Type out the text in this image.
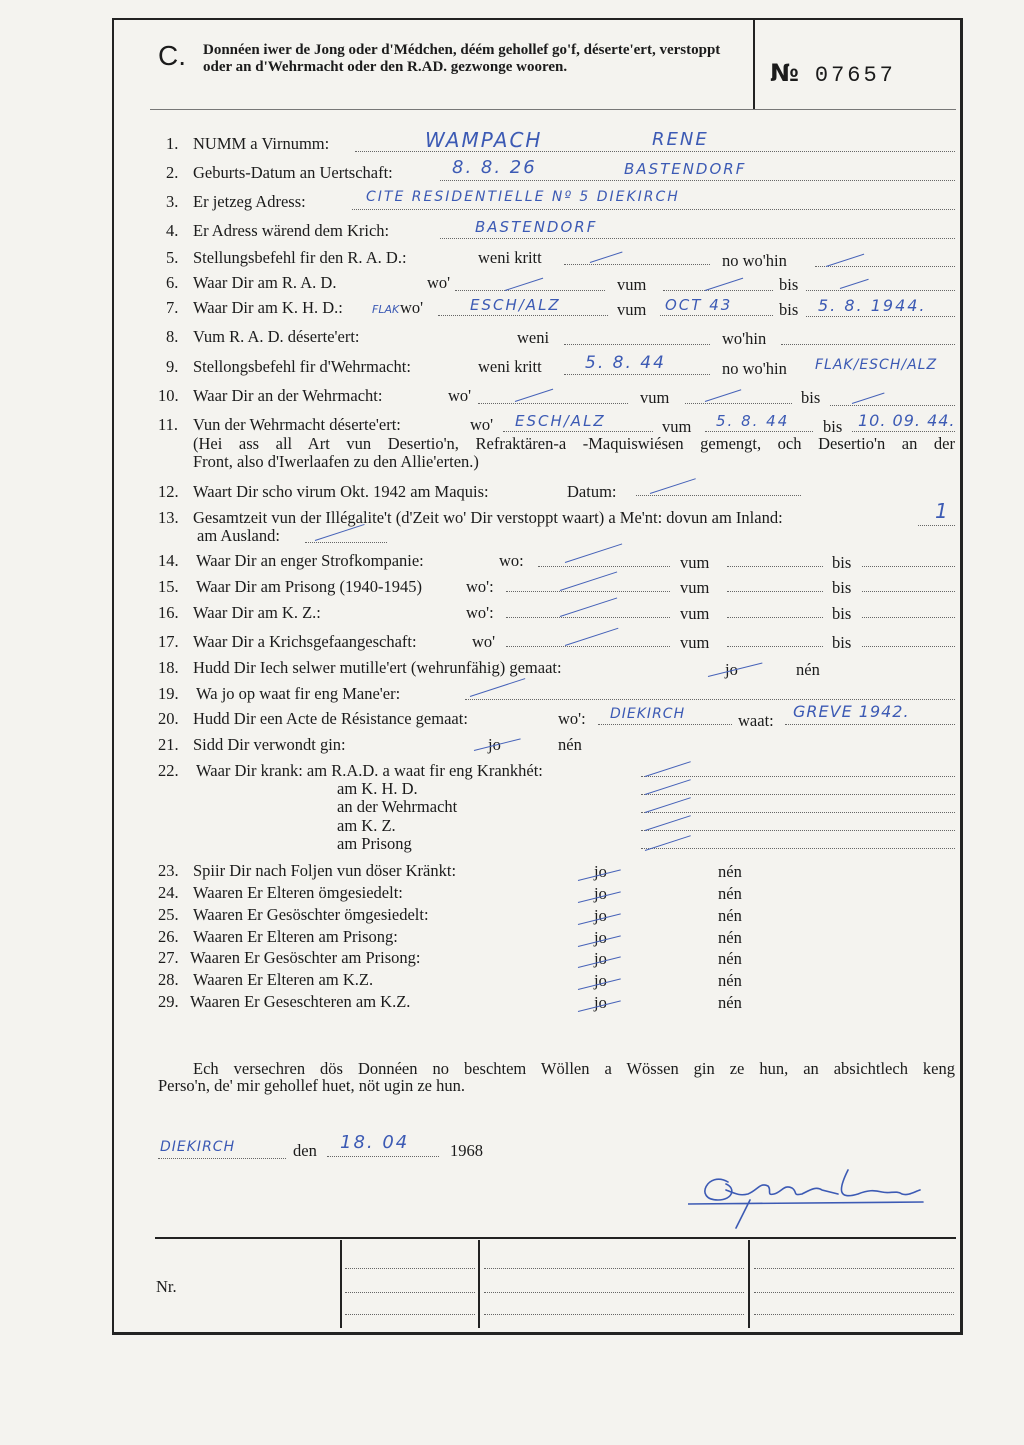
C. Donnéen iwer de Jong oder d'Médchen, déém gehollef go'f, déserte'ert, verstoppt oder an d'Wehrmacht oder den R.AD. gezwonge wooren.	№ 07657
1. NUMM a Virnumm:	WAMPACH	RENE
2. Geburts-Datum an Uertschaft:	8. 8. 26	BASTENDORF
3. Er jetzeg Adress:	CITE RESIDENTIELLE Nº 5 DIEKIRCH
4. Er Adress wärend dem Krich:	BASTENDORF
5. Stellungsbefehl fir den R. A. D.:	weni kritt	no wo'hin
6. Waar Dir am R. A. D.	wo'	vum	bis
7. Waar Dir am K. H. D.:	FLAK wo'	ESCH/ALZ	vum OCT 43	bis 5. 8. 1944.
8. Vum R. A. D. déserte'ert:	weni	wo'hin
9. Stellongsbefehl fir d'Wehrmacht:	weni kritt	5. 8. 44	no wo'hin FLAK/ESCH/ALZ
10. Waar Dir an der Wehrmacht:	wo'	vum	bis
11. Vun der Wehrmacht déserte'ert:	wo' ESCH/ALZ	vum 5. 8. 44 bis 10. 09. 44.
(Hei ass all Art vun Desertio'n, Refraktären-a -Maquiswiésen gemengt, och Desertio'n an der
Front, also d'Iwerlaafen zu den Allie'erten.)
12. Waart Dir scho virum Okt. 1942 am Maquis:	Datum:
13. Gesamtzeit vun der Illégalite't (d'Zeit wo' Dir verstoppt waart) a Me'nt: dovun am Inland:	1
am Ausland:
14. Waar Dir an enger Strofkompanie:	wo:	vum	bis
15. Waar Dir am Prisong (1940-1945)	wo':	vum	bis
16. Waar Dir am K. Z.:	wo':	vum	bis
17. Waar Dir a Krichsgefaangeschaft:	wo'	vum	bis
18. Hudd Dir Iech selwer mutille'ert (wehrunfähig) gemaat:	jo	nén
19. Wa jo op waat fir eng Mane'er:
20. Hudd Dir een Acte de Résistance gemaat:	wo': DIEKIRCH	waat: GREVE 1942.
21. Sidd Dir verwondt gin:	jo	nén
22. Waar Dir krank: am R.A.D. a waat fir eng Krankhét:
am K. H. D.
an der Wehrmacht
am K. Z.
am Prisong
23. Spiir Dir nach Foljen vun döser Kränkt:	jo	nén
24. Waaren Er Elteren ömgesiedelt:	jo	nén
25. Waaren Er Gesöschter ömgesiedelt:	jo	nén
26. Waaren Er Elteren am Prisong:	jo	nén
27. Waaren Er Gesöschter am Prisong:	jo	nén
28. Waaren Er Elteren am K.Z.	jo	nén
29. Waaren Er Geseschteren am K.Z.	jo	nén
Ech versechren dös Donnéen no beschtem Wöllen a Wössen gin ze hun, an absichtlech keng
Perso'n, de' mir gehollef huet, nöt ugin ze hun.
DIEKIRCH	den 18. 04 1968
Nr.
